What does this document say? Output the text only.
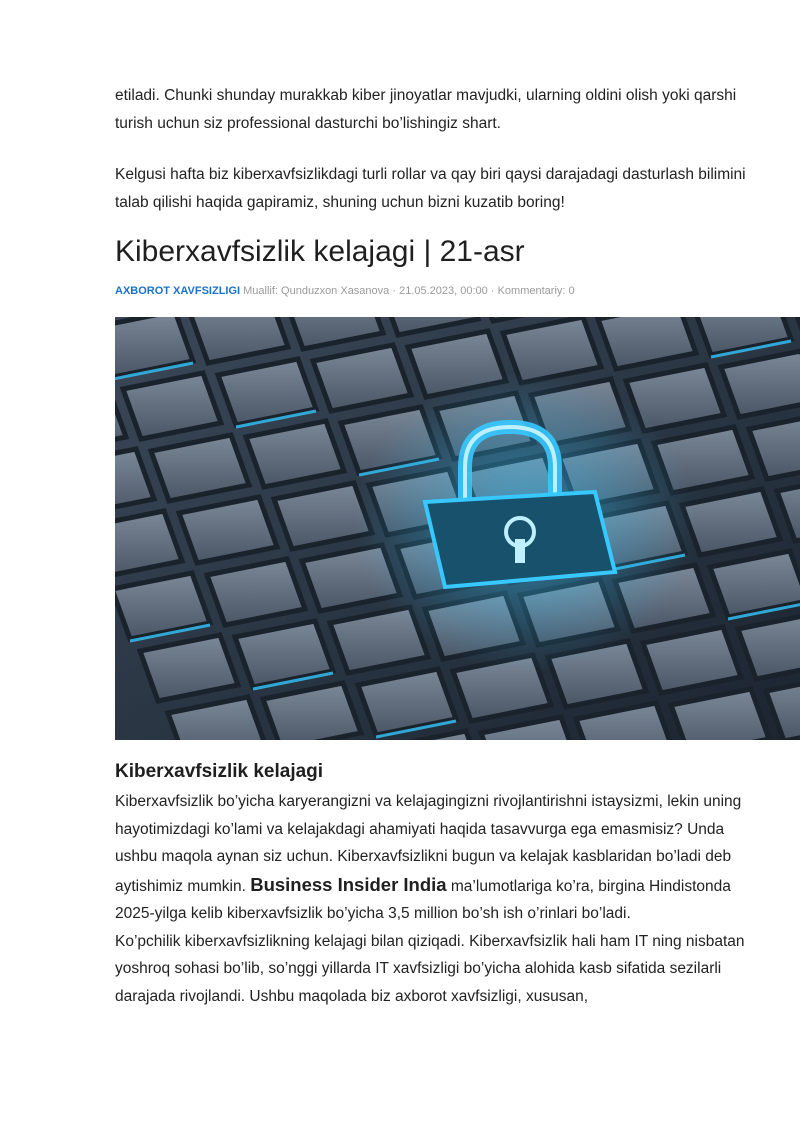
etiladi. Chunki shunday murakkab kiber jinoyatlar mavjudki, ularning oldini olish yoki qarshi turish uchun siz professional dasturchi bo’lishingiz shart.

Kelgusi hafta biz kiberxavfsizlikdagi turli rollar va qay biri qaysi darajadagi dasturlash bilimini talab qilishi haqida gapiramiz, shuning uchun bizni kuzatib boring!

Kiberxavfsizlik kelajagi | 21-asr
AXBOROT XAVFSIZLIGI Muallif: Qunduzxon Xasanova · 21.05.2023, 00:00 · Kommentariy: 0
Kiberxavfsizlik kelajagi

Kiberxavfsizlik bo’yicha karyerangizni va kelajagingizni rivojlantirishni istaysizmi, lekin uning hayotimizdagi ko’lami va kelajakdagi ahamiyati haqida tasavvurga ega emasmisiz? Unda ushbu maqola aynan siz uchun. Kiberxavfsizlikni bugun va kelajak kasblaridan bo’ladi deb aytishimiz mumkin. Business Insider India ma’lumotlariga ko’ra, birgina Hindistonda 2025-yilga kelib kiberxavfsizlik bo’yicha 3,5 million bo’sh ish o’rinlari bo’ladi.
Ko’pchilik kiberxavfsizlikning kelajagi bilan qiziqadi. Kiberxavfsizlik hali ham IT ning nisbatan yoshroq sohasi bo’lib, so’nggi yillarda IT xavfsizligi bo’yicha alohida kasb sifatida sezilarli darajada rivojlandi. Ushbu maqolada biz axborot xavfsizligi, xususan,
